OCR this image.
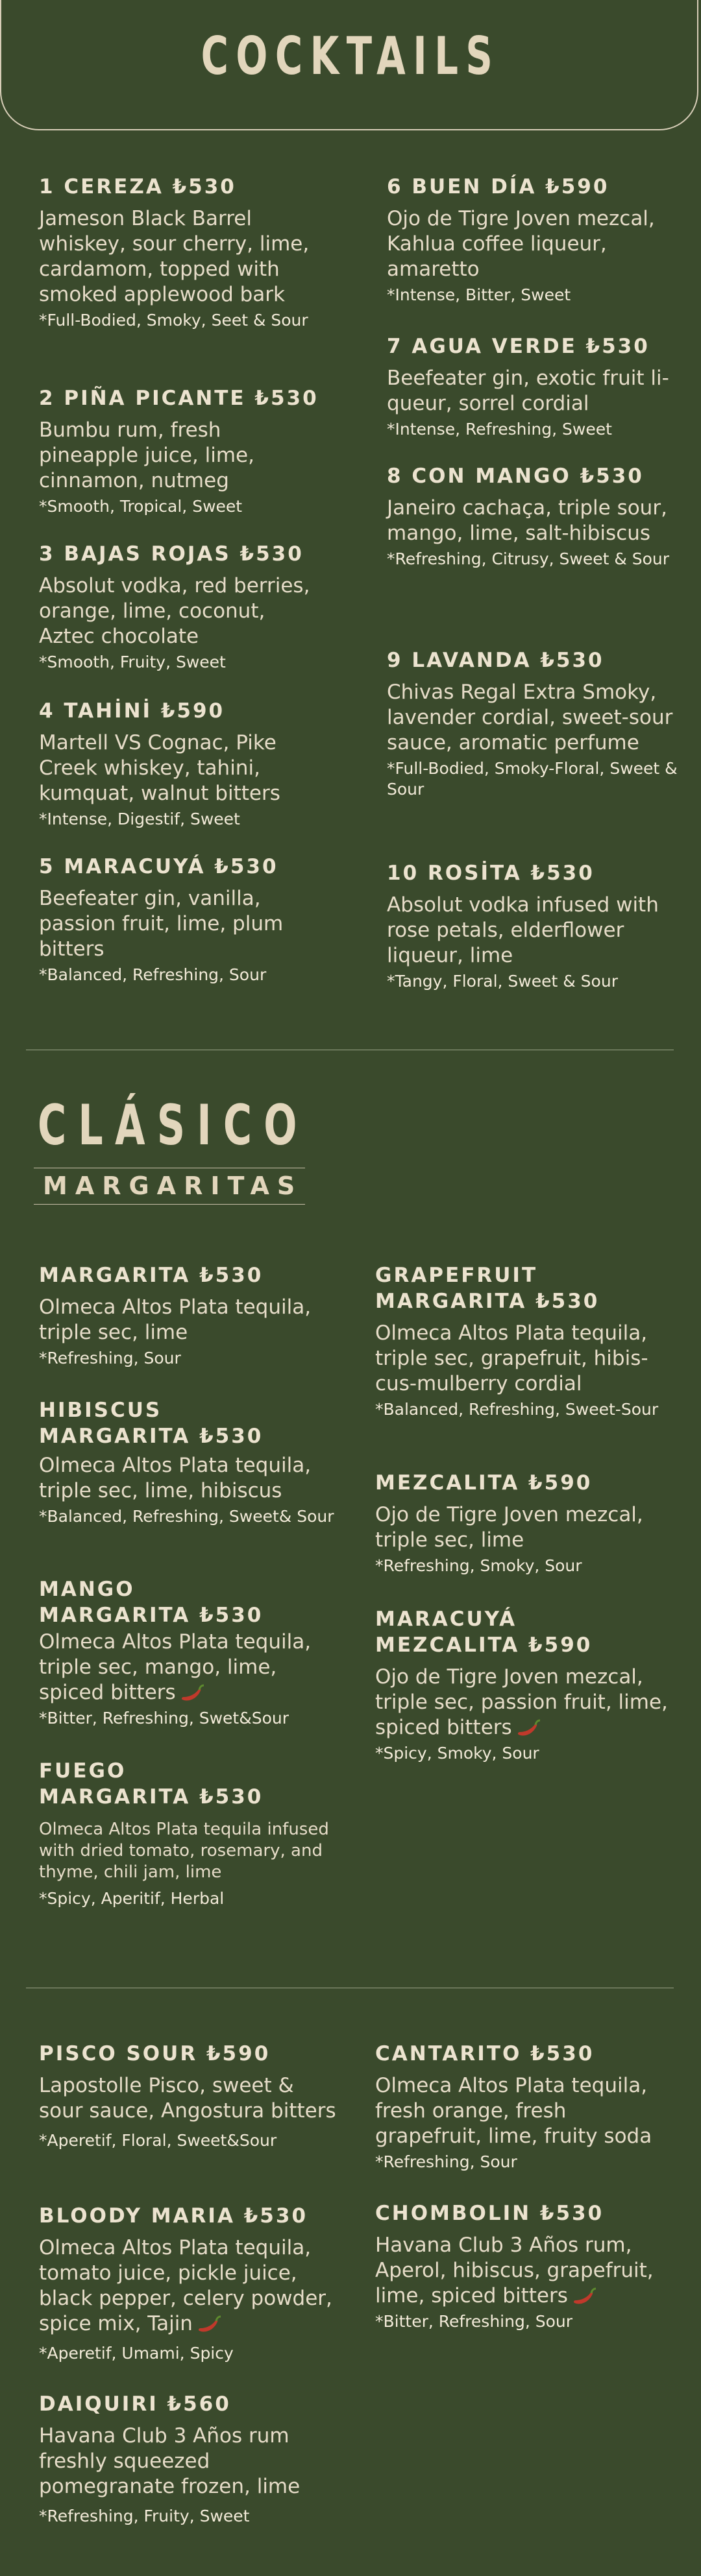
COCKTAILS
1 CEREZA ₺530
Jameson Black Barrel whiskey, sour cherry, lime, cardamom, topped with smoked applewood bark
*Full-Bodied, Smoky, Seet & Sour
2 PIÑA PICANTE ₺530
Bumbu rum, fresh pineapple juice, lime, cinnamon, nutmeg
*Smooth, Tropical, Sweet
3 BAJAS ROJAS ₺530
Absolut vodka, red berries, orange, lime, coconut, Aztec chocolate
*Smooth, Fruity, Sweet
4 TAHİNİ ₺590
Martell VS Cognac, Pike Creek whiskey, tahini, kumquat, walnut bitters
*Intense, Digestif, Sweet
5 MARACUYÁ ₺530
Beefeater gin, vanilla, passion fruit, lime, plum bitters
*Balanced, Refreshing, Sour
6 BUEN DÍA ₺590
Ojo de Tigre Joven mezcal, Kahlua coffee liqueur, amaretto
*Intense, Bitter, Sweet
7 AGUA VERDE ₺530
Beefeater gin, exotic fruit li-queur, sorrel cordial
*Intense, Refreshing, Sweet
8 CON MANGO ₺530
Janeiro cachaça, triple sour, mango, lime, salt-hibiscus
*Refreshing, Citrusy, Sweet & Sour
9 LAVANDA ₺530
Chivas Regal Extra Smoky, lavender cordial, sweet-sour sauce, aromatic perfume
*Full-Bodied, Smoky-Floral, Sweet & Sour
10 ROSİTA ₺530
Absolut vodka infused with rose petals, elderflower liqueur, lime
*Tangy, Floral, Sweet & Sour
CLÁSICO
MARGARITAS
MARGARITA ₺530
Olmeca Altos Plata tequila, triple sec, lime
*Refreshing, Sour
HIBISCUS
MARGARITA ₺530
Olmeca Altos Plata tequila, triple sec, lime, hibiscus
*Balanced, Refreshing, Sweet& Sour
MANGO
MARGARITA ₺530
Olmeca Altos Plata tequila, triple sec, mango, lime, spiced bitters
*Bitter, Refreshing, Swet&Sour
FUEGO
MARGARITA ₺530
Olmeca Altos Plata tequila infused with dried tomato, rosemary, and thyme, chili jam, lime
*Spicy, Aperitif, Herbal
GRAPEFRUIT
MARGARITA ₺530
Olmeca Altos Plata tequila, triple sec, grapefruit, hibis-cus-mulberry cordial
*Balanced, Refreshing, Sweet-Sour
MEZCALITA ₺590
Ojo de Tigre Joven mezcal, triple sec, lime
*Refreshing, Smoky, Sour
MARACUYÁ
MEZCALITA ₺590
Ojo de Tigre Joven mezcal, triple sec, passion fruit, lime, spiced bitters
*Spicy, Smoky, Sour
PISCO SOUR ₺590
Lapostolle Pisco, sweet & sour sauce, Angostura bitters
*Aperetif, Floral, Sweet&Sour
BLOODY MARIA ₺530
Olmeca Altos Plata tequila, tomato juice, pickle juice, black pepper, celery powder, spice mix, Tajin
*Aperetif, Umami, Spicy
DAIQUIRI ₺560
Havana Club 3 Años rum freshly squeezed pomegranate frozen, lime
*Refreshing, Fruity, Sweet
CANTARITO ₺530
Olmeca Altos Plata tequila, fresh orange, fresh grapefruit, lime, fruity soda
*Refreshing, Sour
CHOMBOLIN ₺530
Havana Club 3 Años rum, Aperol, hibiscus, grapefruit, lime, spiced bitters
*Bitter, Refreshing, Sour
